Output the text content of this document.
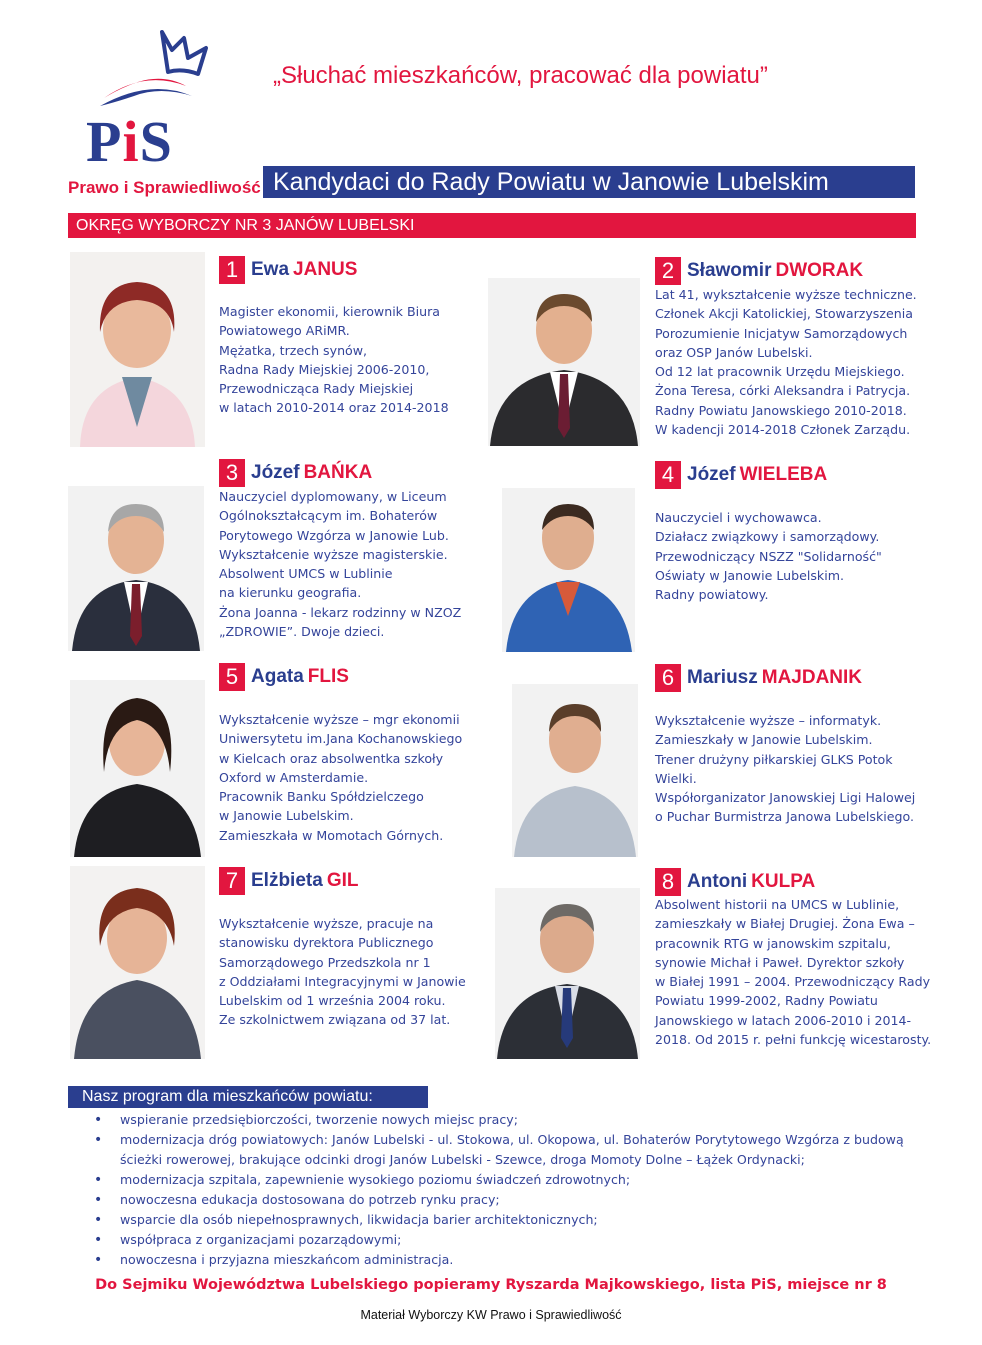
PiS
Prawo i Sprawiedliwość
„Słuchać mieszkańców, pracować dla powiatu”
Kandydaci do Rady Powiatu w Janowie Lubelskim
OKRĘG WYBORCZY NR 3 JANÓW LUBELSKI
1 Ewa JANUS	2 Sławomir DWORAK
3 Józef BAŃKA	4 Józef WIELEBA
5 Agata FLIS	6 Mariusz MAJDANIK
7 Elżbieta GIL	8 Antoni KULPA
Magister ekonomii, kierownik Biura
Powiatowego ARiMR.
Mężatka, trzech synów,
Radna Rady Miejskiej 2006-2010,
Przewodnicząca Rady Miejskiej
w latach 2010-2014 oraz 2014-2018
Lat 41, wykształcenie wyższe techniczne.
Członek Akcji Katolickiej, Stowarzyszenia
Porozumienie Inicjatyw Samorządowych
oraz OSP Janów Lubelski.
Od 12 lat pracownik Urzędu Miejskiego.
Żona Teresa, córki Aleksandra i Patrycja.
Radny Powiatu Janowskiego 2010-2018.
W kadencji 2014-2018 Członek Zarządu.
Nauczyciel dyplomowany, w Liceum
Ogólnokształcącym im. Bohaterów
Porytowego Wzgórza w Janowie Lub.
Wykształcenie wyższe magisterskie.
Absolwent UMCS w Lublinie
na kierunku geografia.
Żona Joanna - lekarz rodzinny w NZOZ
„ZDROWIE”. Dwoje dzieci.
Nauczyciel i wychowawca.
Działacz związkowy i samorządowy.
Przewodniczący NSZZ "Solidarność"
Oświaty w Janowie Lubelskim.
Radny powiatowy.
Wykształcenie wyższe – mgr ekonomii
Uniwersytetu im.Jana Kochanowskiego
w Kielcach oraz absolwentka szkoły
Oxford w Amsterdamie.
Pracownik Banku Spółdzielczego
w Janowie Lubelskim.
Zamieszkała w Momotach Górnych.
Wykształcenie wyższe – informatyk.
Zamieszkały w Janowie Lubelskim.
Trener drużyny piłkarskiej GLKS Potok
Wielki.
Współorganizator Janowskiej Ligi Halowej
o Puchar Burmistrza Janowa Lubelskiego.
Wykształcenie wyższe, pracuje na
stanowisku dyrektora Publicznego
Samorządowego Przedszkola nr 1
z Oddziałami Integracyjnymi w Janowie
Lubelskim od 1 września 2004 roku.
Ze szkolnictwem związana od 37 lat.
Absolwent historii na UMCS w Lublinie,
zamieszkały w Białej Drugiej. Żona Ewa –
pracownik RTG w janowskim szpitalu,
synowie Michał i Paweł. Dyrektor szkoły
w Białej 1991 – 2004. Przewodniczący Rady
Powiatu 1999-2002, Radny Powiatu
Janowskiego w latach 2006-2010 i 2014-
2018. Od 2015 r. pełni funkcję wicestarosty.
Nasz program dla mieszkańców powiatu:
• wspieranie przedsiębiorczości, tworzenie nowych miejsc pracy;
• modernizacja dróg powiatowych: Janów Lubelski - ul. Stokowa, ul. Okopowa, ul. Bohaterów Porytytowego Wzgórza z budową
ścieżki rowerowej, brakujące odcinki drogi Janów Lubelski - Szewce, droga Momoty Dolne – Łążek Ordynacki;
• modernizacja szpitala, zapewnienie wysokiego poziomu świadczeń zdrowotnych;
• nowoczesna edukacja dostosowana do potrzeb rynku pracy;
• wsparcie dla osób niepełnosprawnych, likwidacja barier architektonicznych;
• współpraca z organizacjami pozarządowymi;
• nowoczesna i przyjazna mieszkańcom administracja.
Do Sejmiku Województwa Lubelskiego popieramy Ryszarda Majkowskiego, lista PiS, miejsce nr 8
Materiał Wyborczy KW Prawo i Sprawiedliwość
